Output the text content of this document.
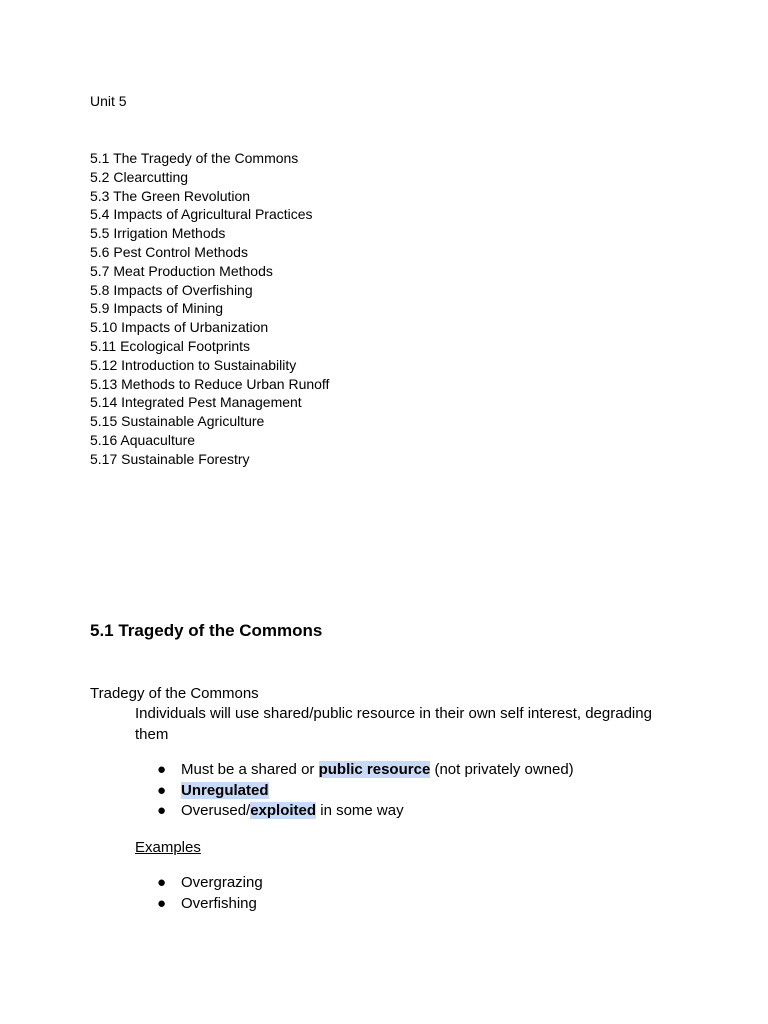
Unit 5
5.1 The Tragedy of the Commons
5.2 Clearcutting
5.3 The Green Revolution
5.4 Impacts of Agricultural Practices
5.5 Irrigation Methods
5.6 Pest Control Methods
5.7 Meat Production Methods
5.8 Impacts of Overfishing
5.9 Impacts of Mining
5.10 Impacts of Urbanization
5.11 Ecological Footprints
5.12 Introduction to Sustainability
5.13 Methods to Reduce Urban Runoff
5.14 Integrated Pest Management
5.15 Sustainable Agriculture
5.16 Aquaculture
5.17 Sustainable Forestry
5.1 Tragedy of the Commons
Tradegy of the Commons
Individuals will use shared/public resource in their own self interest, degrading them
● Must be a shared or public resource (not privately owned)
● Unregulated
● Overused/exploited in some way
Examples
● Overgrazing
● Overfishing
